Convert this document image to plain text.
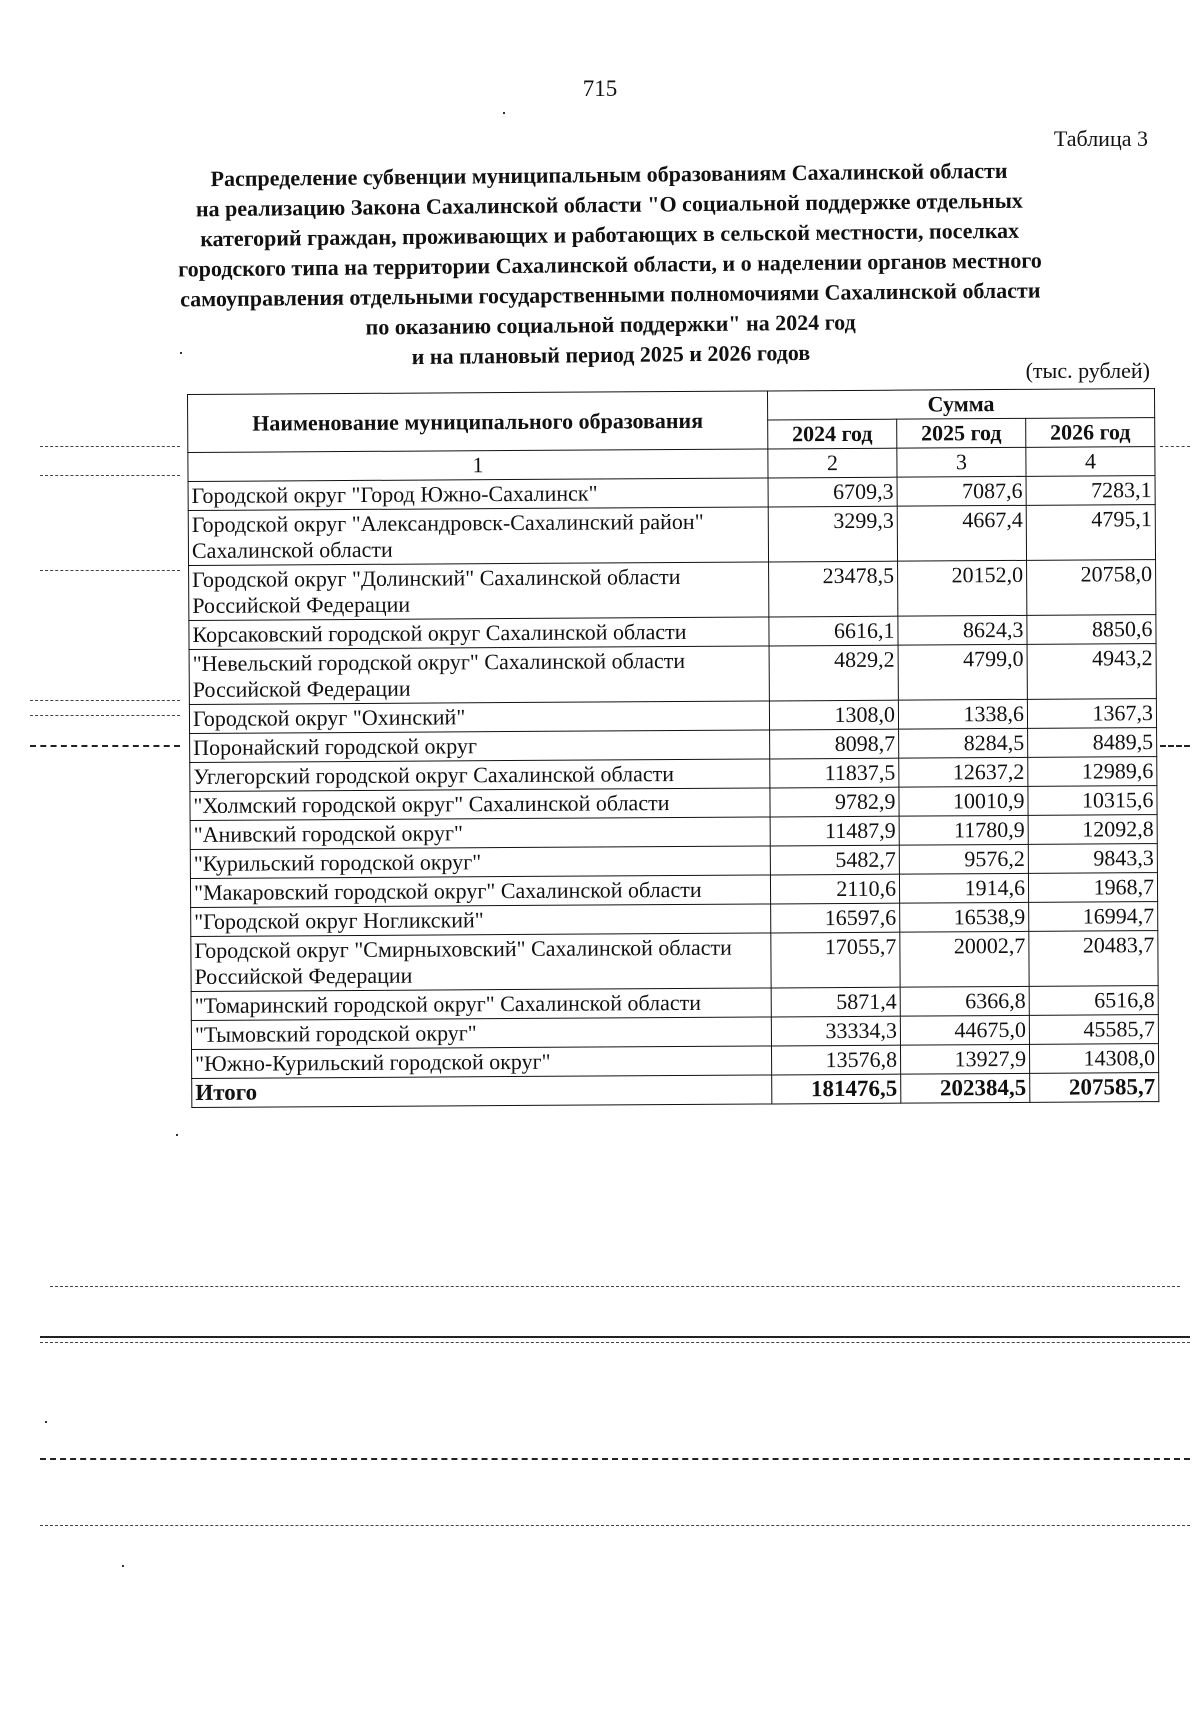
715
Таблица 3
Распределение субвенции муниципальным образованиям Сахалинской области
на реализацию Закона Сахалинской области "О социальной поддержке отдельных
категорий граждан, проживающих и работающих в сельской местности, поселках
городского типа на территории Сахалинской области, и о наделении органов местного
самоуправления отдельными государственными полномочиями Сахалинской области
по оказанию социальной поддержки" на 2024 год
и на плановый период 2025 и 2026 годов
(тыс. рублей)
Наименование муниципального образования	Сумма		
	2024 год	2025 год	2026 год
1	2	3	4
Городской округ "Город Южно-Сахалинск"	6709,3	7087,6	7283,1
Городской округ "Александровск-Сахалинский район" Сахалинской области	3299,3	4667,4	4795,1
Городской округ "Долинский" Сахалинской области Российской Федерации	23478,5	20152,0	20758,0
Корсаковский городской округ Сахалинской области	6616,1	8624,3	8850,6
"Невельский городской округ" Сахалинской области Российской Федерации	4829,2	4799,0	4943,2
Городской округ "Охинский"	1308,0	1338,6	1367,3
Поронайский городской округ	8098,7	8284,5	8489,5
Углегорский городской округ Сахалинской области	11837,5	12637,2	12989,6
"Холмский городской округ" Сахалинской области	9782,9	10010,9	10315,6
"Анивский городской округ"	11487,9	11780,9	12092,8
"Курильский городской округ"	5482,7	9576,2	9843,3
"Макаровский городской округ" Сахалинской области	2110,6	1914,6	1968,7
"Городской округ Ногликский"	16597,6	16538,9	16994,7
Городской округ "Смирныховский" Сахалинской области Российской Федерации	17055,7	20002,7	20483,7
"Томаринский городской округ" Сахалинской области	5871,4	6366,8	6516,8
"Тымовский городской округ"	33334,3	44675,0	45585,7
"Южно-Курильский городской округ"	13576,8	13927,9	14308,0
Итого	181476,5	202384,5	207585,7
